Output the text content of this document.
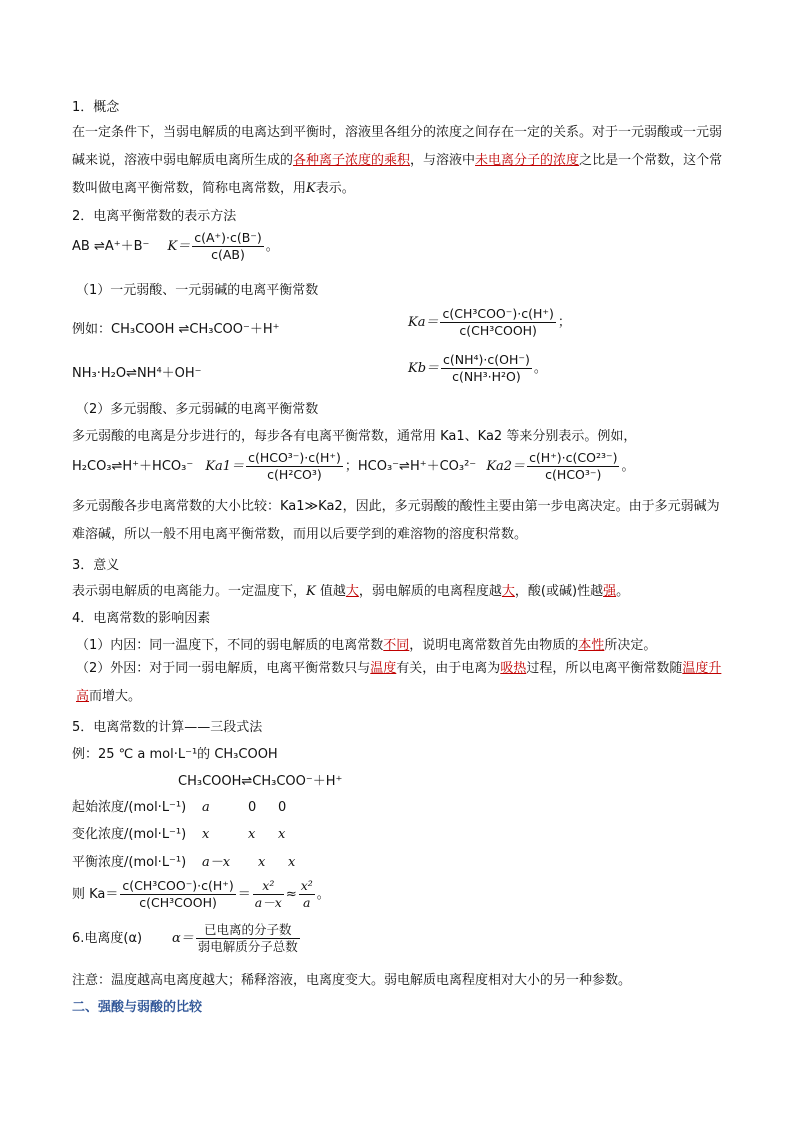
1．概念
在一定条件下，当弱电解质的电离达到平衡时，溶液里各组分的浓度之间存在一定的关系。对于一元弱酸或一元弱碱来说，溶液中弱电解质电离所生成的各种离子浓度的乘积，与溶液中未电离分子的浓度之比是一个常数，这个常数叫做电离平衡常数，简称电离常数，用K表示。
2．电离平衡常数的表示方法
AB ⇌A⁺＋B⁻ $K= \frac{c(A^+)\cdot c(B^-)}{c(AB)}$ 。
（1）一元弱酸、一元弱碱的电离平衡常数
例如：CH₃COOH ⇌CH₃COO⁻＋H⁺	$Ka= \frac{\text{c(CH³COO⁻)·c(H⁺)}}{\text{c(CH³COOH)}}$ ；
NH₃·H₂O⇌NH⁴＋OH⁻	$Kb= \frac{\text{c(NH⁴)·c(OH⁻)}}{\text{c(NH³·H²O)}}$ 。
（2）多元弱酸、多元弱碱的电离平衡常数
多元弱酸的电离是分步进行的，每步各有电离平衡常数，通常用 Ka1、Ka2 等来分别表示。例如，
H₂CO₃⇌H⁺＋HCO₃⁻ $Ka1= \frac{\text{c(HCO³⁻)·c(H⁺)}}{\text{c(H²CO³)}}$ ；HCO₃⁻⇌H⁺＋CO₃²⁻ $Ka2= \frac{\text{c(H⁺)·c(CO²³⁻)}}{\text{c(HCO³⁻)}}$ 。
多元弱酸各步电离常数的大小比较：Ka1≫Ka2，因此，多元弱酸的酸性主要由第一步电离决定。由于多元弱碱为难溶碱，所以一般不用电离平衡常数，而用以后要学到的难溶物的溶度积常数。
3．意义
表示弱电解质的电离能力。一定温度下，K 值越大，弱电解质的电离程度越大，酸(或碱)性越强。
4．电离常数的影响因素
（1）内因：同一温度下，不同的弱电解质的电离常数不同，说明电离常数首先由物质的本性所决定。
（2）外因：对于同一弱电解质，电离平衡常数只与温度有关，由于电离为吸热过程，所以电离平衡常数随温度升高而增大。
5．电离常数的计算——三段式法
例：25 ℃ a mol·L⁻¹的 CH₃COOH
CH₃COOH⇌CH₃COO⁻＋H⁺
起始浓度/(mol·L⁻¹) a	0 0
变化浓度/(mol·L⁻¹) x	x x
平衡浓度/(mol·L⁻¹) a－x x x
则 $Ka= \frac{\text{c(CH³COO⁻)·c(H⁺)}}{\text{c(CH³COOH)}} = \frac{\text{x²}}{a-x} \approx \frac{\text{x²}}{a}$ 。
6.电离度(α) $\alpha= \frac{\text{已电离的分子数}}{\text{弱电解质分子总数}}$
注意：温度越高电离度越大；稀释溶液，电离度变大。弱电解质电离程度相对大小的另一种参数。
二、强酸与弱酸的比较
